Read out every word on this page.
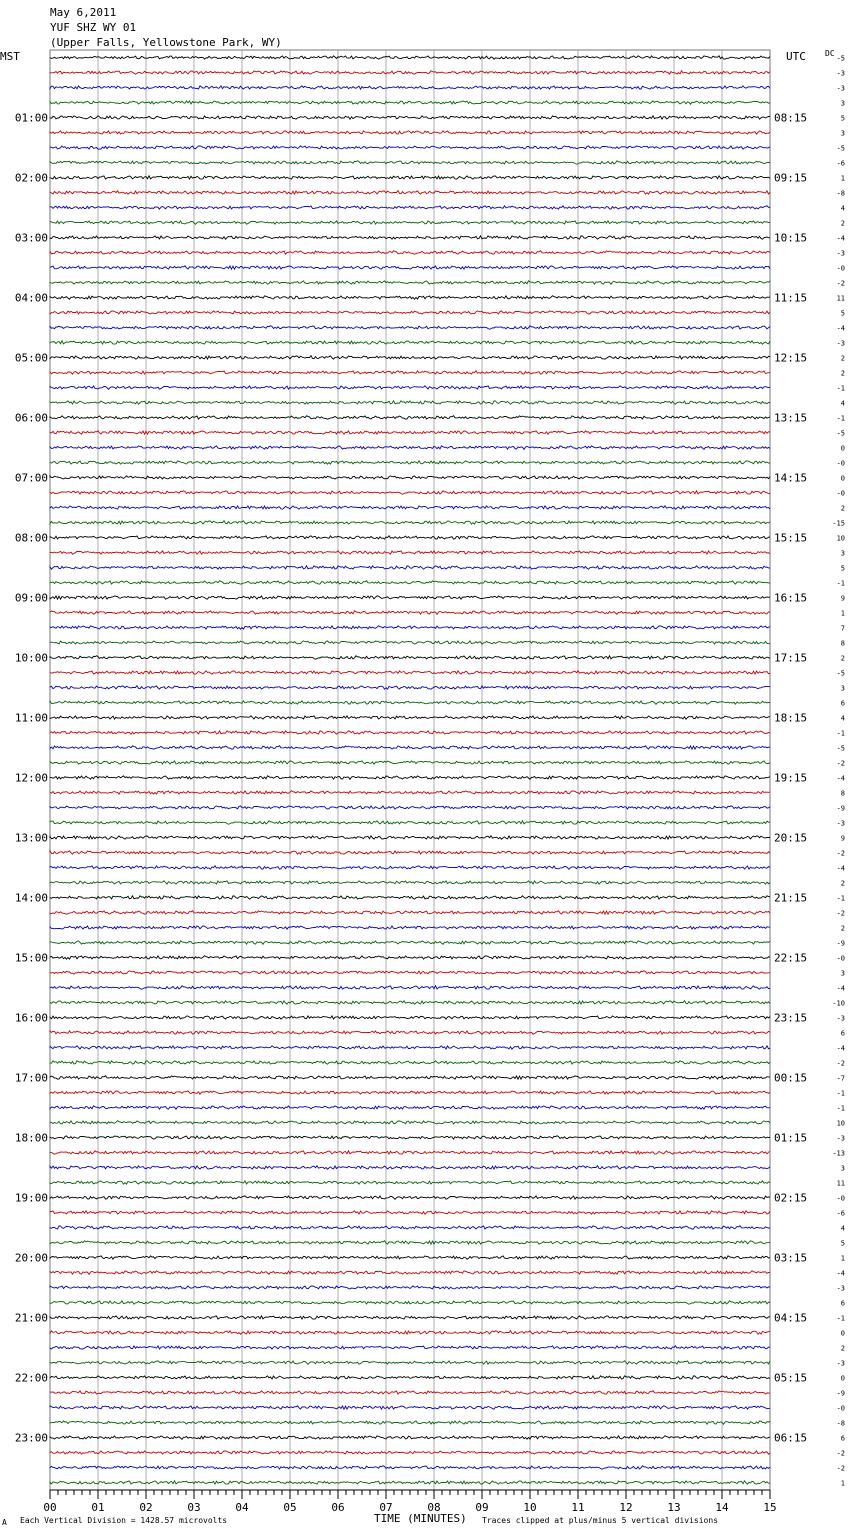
01:00
02:00
03:00
04:00
05:00
06:00
07:00
08:00
09:00
10:00
11:00
12:00
13:00
14:00
15:00
16:00
17:00
18:00
19:00
20:00
21:00
22:00
23:00
08:15
09:15
10:15
11:15
12:15
13:15
14:15
15:15
16:15
17:15
18:15
19:15
20:15
21:15
22:15
23:15
00:15
01:15
02:15
03:15
04:15
05:15
06:15
-5
-3
-3
3
5
3
-5
-6
1
-8
4
2
-4
-3
-0
-2
11
5
-4
-3
2
2
-1
4
-1
-5
0
-0
0
-0
2
-15
10
3
5
-1
9
1
7
8
2
-5
3
6
4
-1
-5
-2
-4
8
-9
-3
9
-2
-4
2
-1
-2
2
-9
-0
3
-4
-10
-3
6
-4
-2
-7
-1
-1
10
-3
-13
3
11
-0
-6
4
5
1
-4
-3
6
-1
0
2
-3
0
-9
-0
-8
6
-2
-2
1
00	01	02	03	04	05	06	07	08	09	10	11	12	13	14	15
May 6,2011
YUF SHZ WY 01
(Upper Falls, Yellowstone Park, WY)
MST	UTC DC
A Each Vertical Division = 1428.57 microvolts	TIME (MINUTES) Traces clipped at plus/minus 5 vertical divisions
